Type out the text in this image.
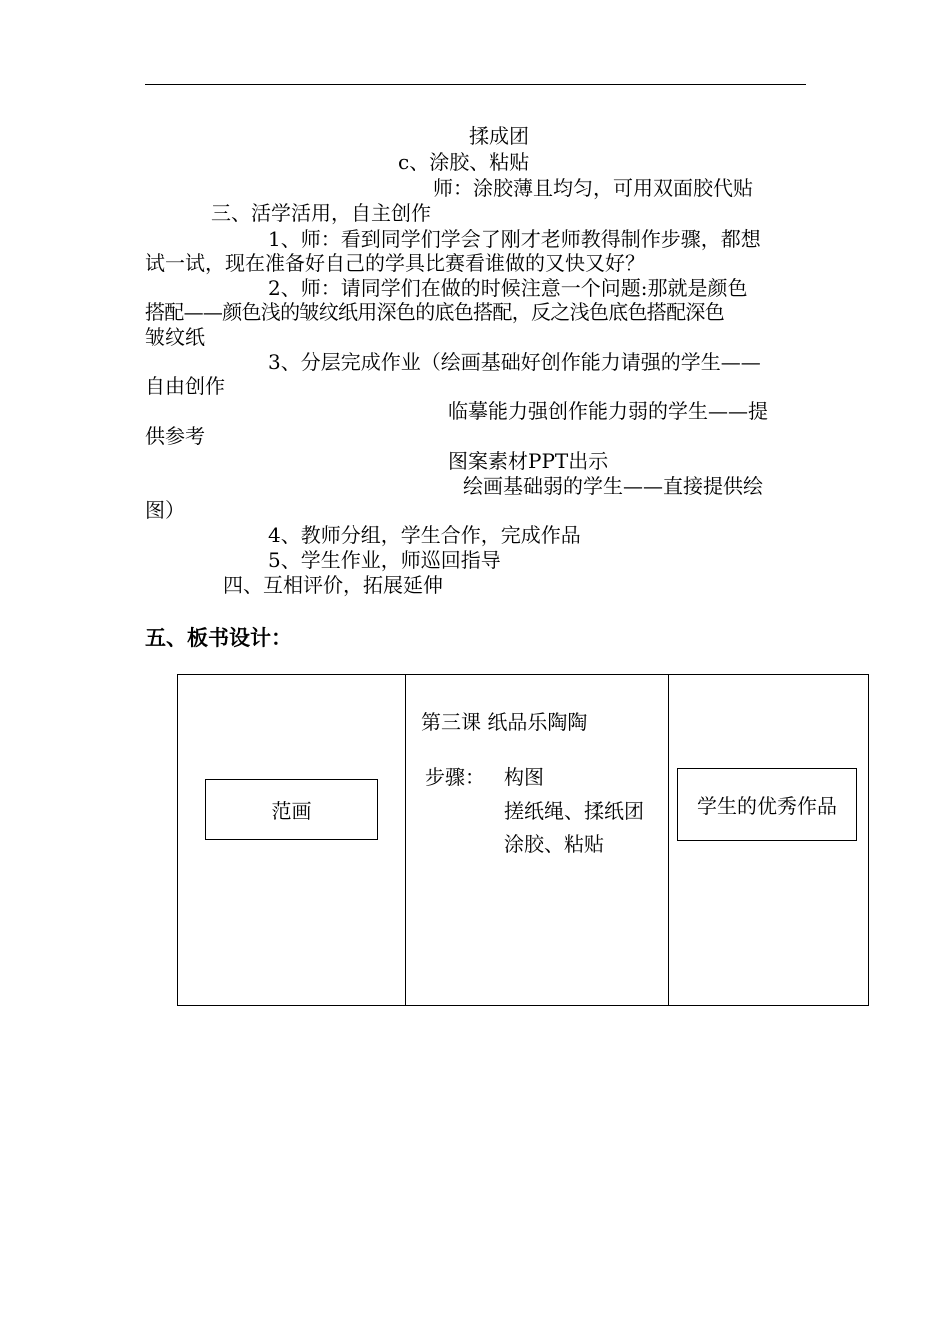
揉成团
c、涂胶、粘贴
师：涂胶薄且均匀，可用双面胶代贴
三、活学活用，自主创作
1、师：看到同学们学会了刚才老师教得制作步骤，都想
试一试，现在准备好自己的学具比赛看谁做的又快又好？
2、师：请同学们在做的时候注意一个问题:那就是颜色
搭配——颜色浅的皱纹纸用深色的底色搭配，反之浅色底色搭配深色
皱纹纸
3、分层完成作业（绘画基础好创作能力请强的学生——
自由创作
临摹能力强创作能力弱的学生——提
供参考
图案素材PPT出示
绘画基础弱的学生——直接提供绘
图）
4、教师分组，学生合作，完成作品
5、学生作业，师巡回指导
四、互相评价，拓展延伸
五、板书设计：
范画
第三课 纸品乐陶陶
步骤： 构图
搓纸绳、揉纸团
涂胶、粘贴
学生的优秀作品
